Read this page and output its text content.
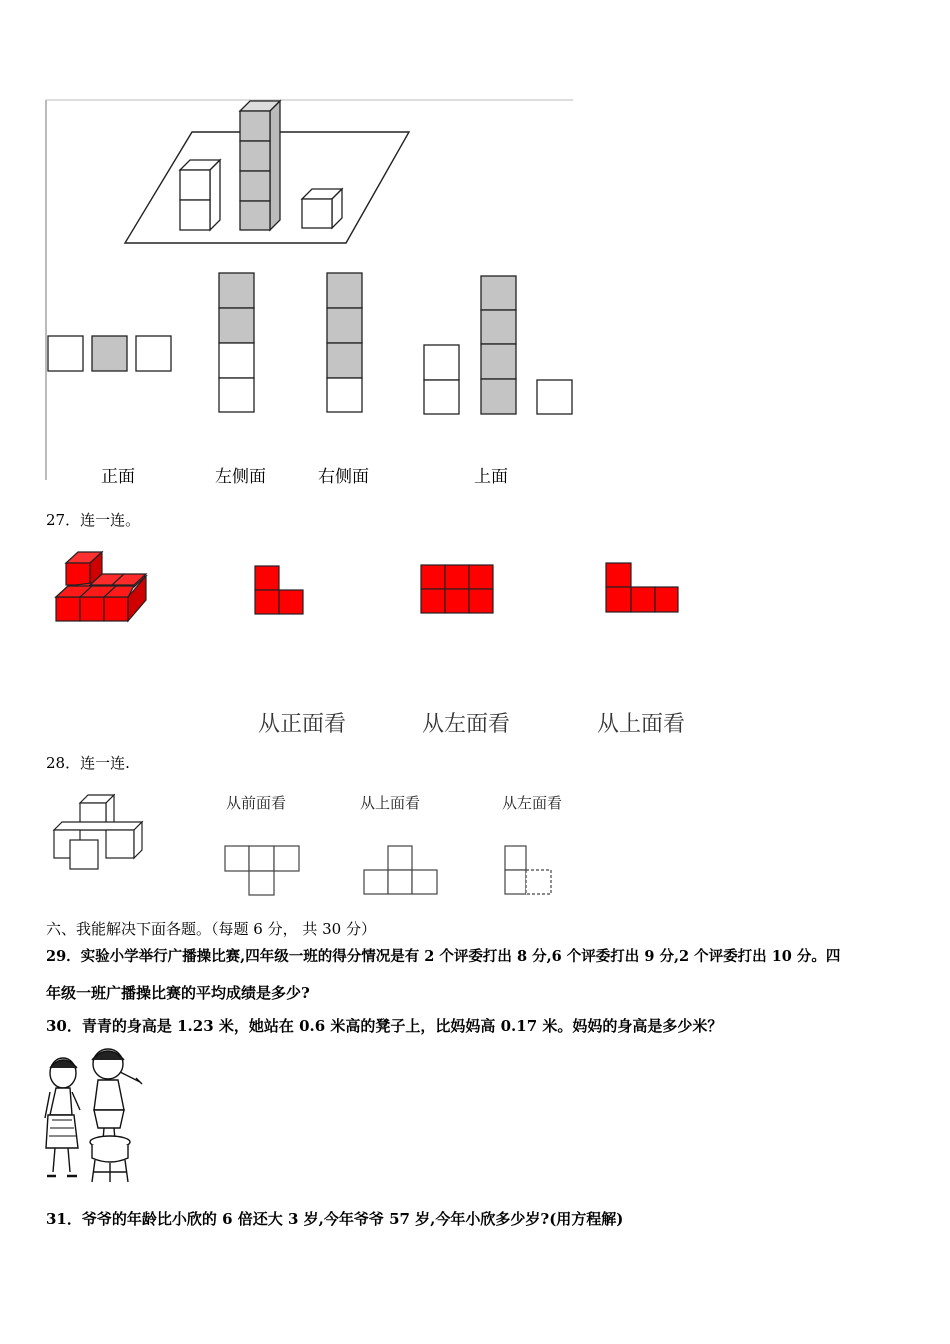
正面	左侧面	右侧面	上面
27．连一连。
从正面看	从左面看	从上面看
28．连一连.
从前面看	从上面看	从左面看
六、我能解决下面各题。（每题 6 分， 共 30 分）
29．实验小学举行广播操比赛,四年级一班的得分情况是有 2 个评委打出 8 分,6 个评委打出 9 分,2 个评委打出 10 分。四
年级一班广播操比赛的平均成绩是多少?
30．青青的身高是 1.23 米，她站在 0.6 米高的凳子上，比妈妈高 0.17 米。妈妈的身高是多少米？
31．爷爷的年龄比小欣的 6 倍还大 3 岁,今年爷爷 57 岁,今年小欣多少岁?(用方程解)
